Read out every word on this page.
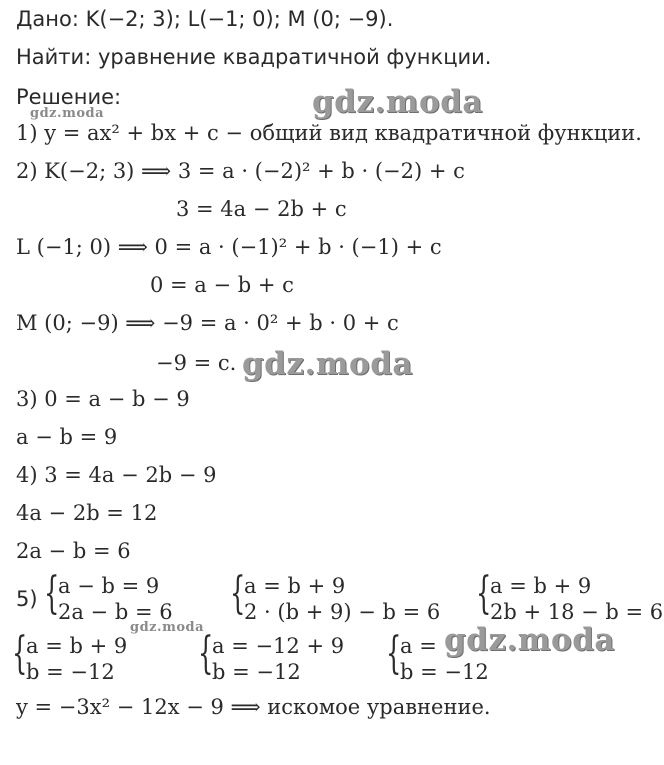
Дано: K(−2; 3); L(−1; 0); M (0; −9).
Найти: уравнение квадратичной функции.
Решение:	gdz.moda
gdz.moda
1) y = ax² + bx + c − общий вид квадратичной функции.
2) K(−2; 3) ⟹ 3 = a · (−2)² + b · (−2) + c
3 = 4a − 2b + c
L (−1; 0) ⟹ 0 = a · (−1)² + b · (−1) + c
0 = a − b + c
M (0; −9) ⟹ −9 = a · 0² + b · 0 + c
−9 = c. gdz.moda
3) 0 = a − b − 9
a − b = 9
4) 3 = 4a − 2b − 9
4a − 2b = 12
2a − b = 6
5) {
a − b = 9
2a − b = 6 {
a = b + 9
2 · (b + 9) − b = 6 {
a = b + 9
2b + 18 − b = 6
gdz.moda
{
a = b + 9
b = −12 {
a = −12 + 9
b = −12 {
a =
b = −12
gdz.moda
y = −3x² − 12x − 9 ⟹ искомое уравнение.
